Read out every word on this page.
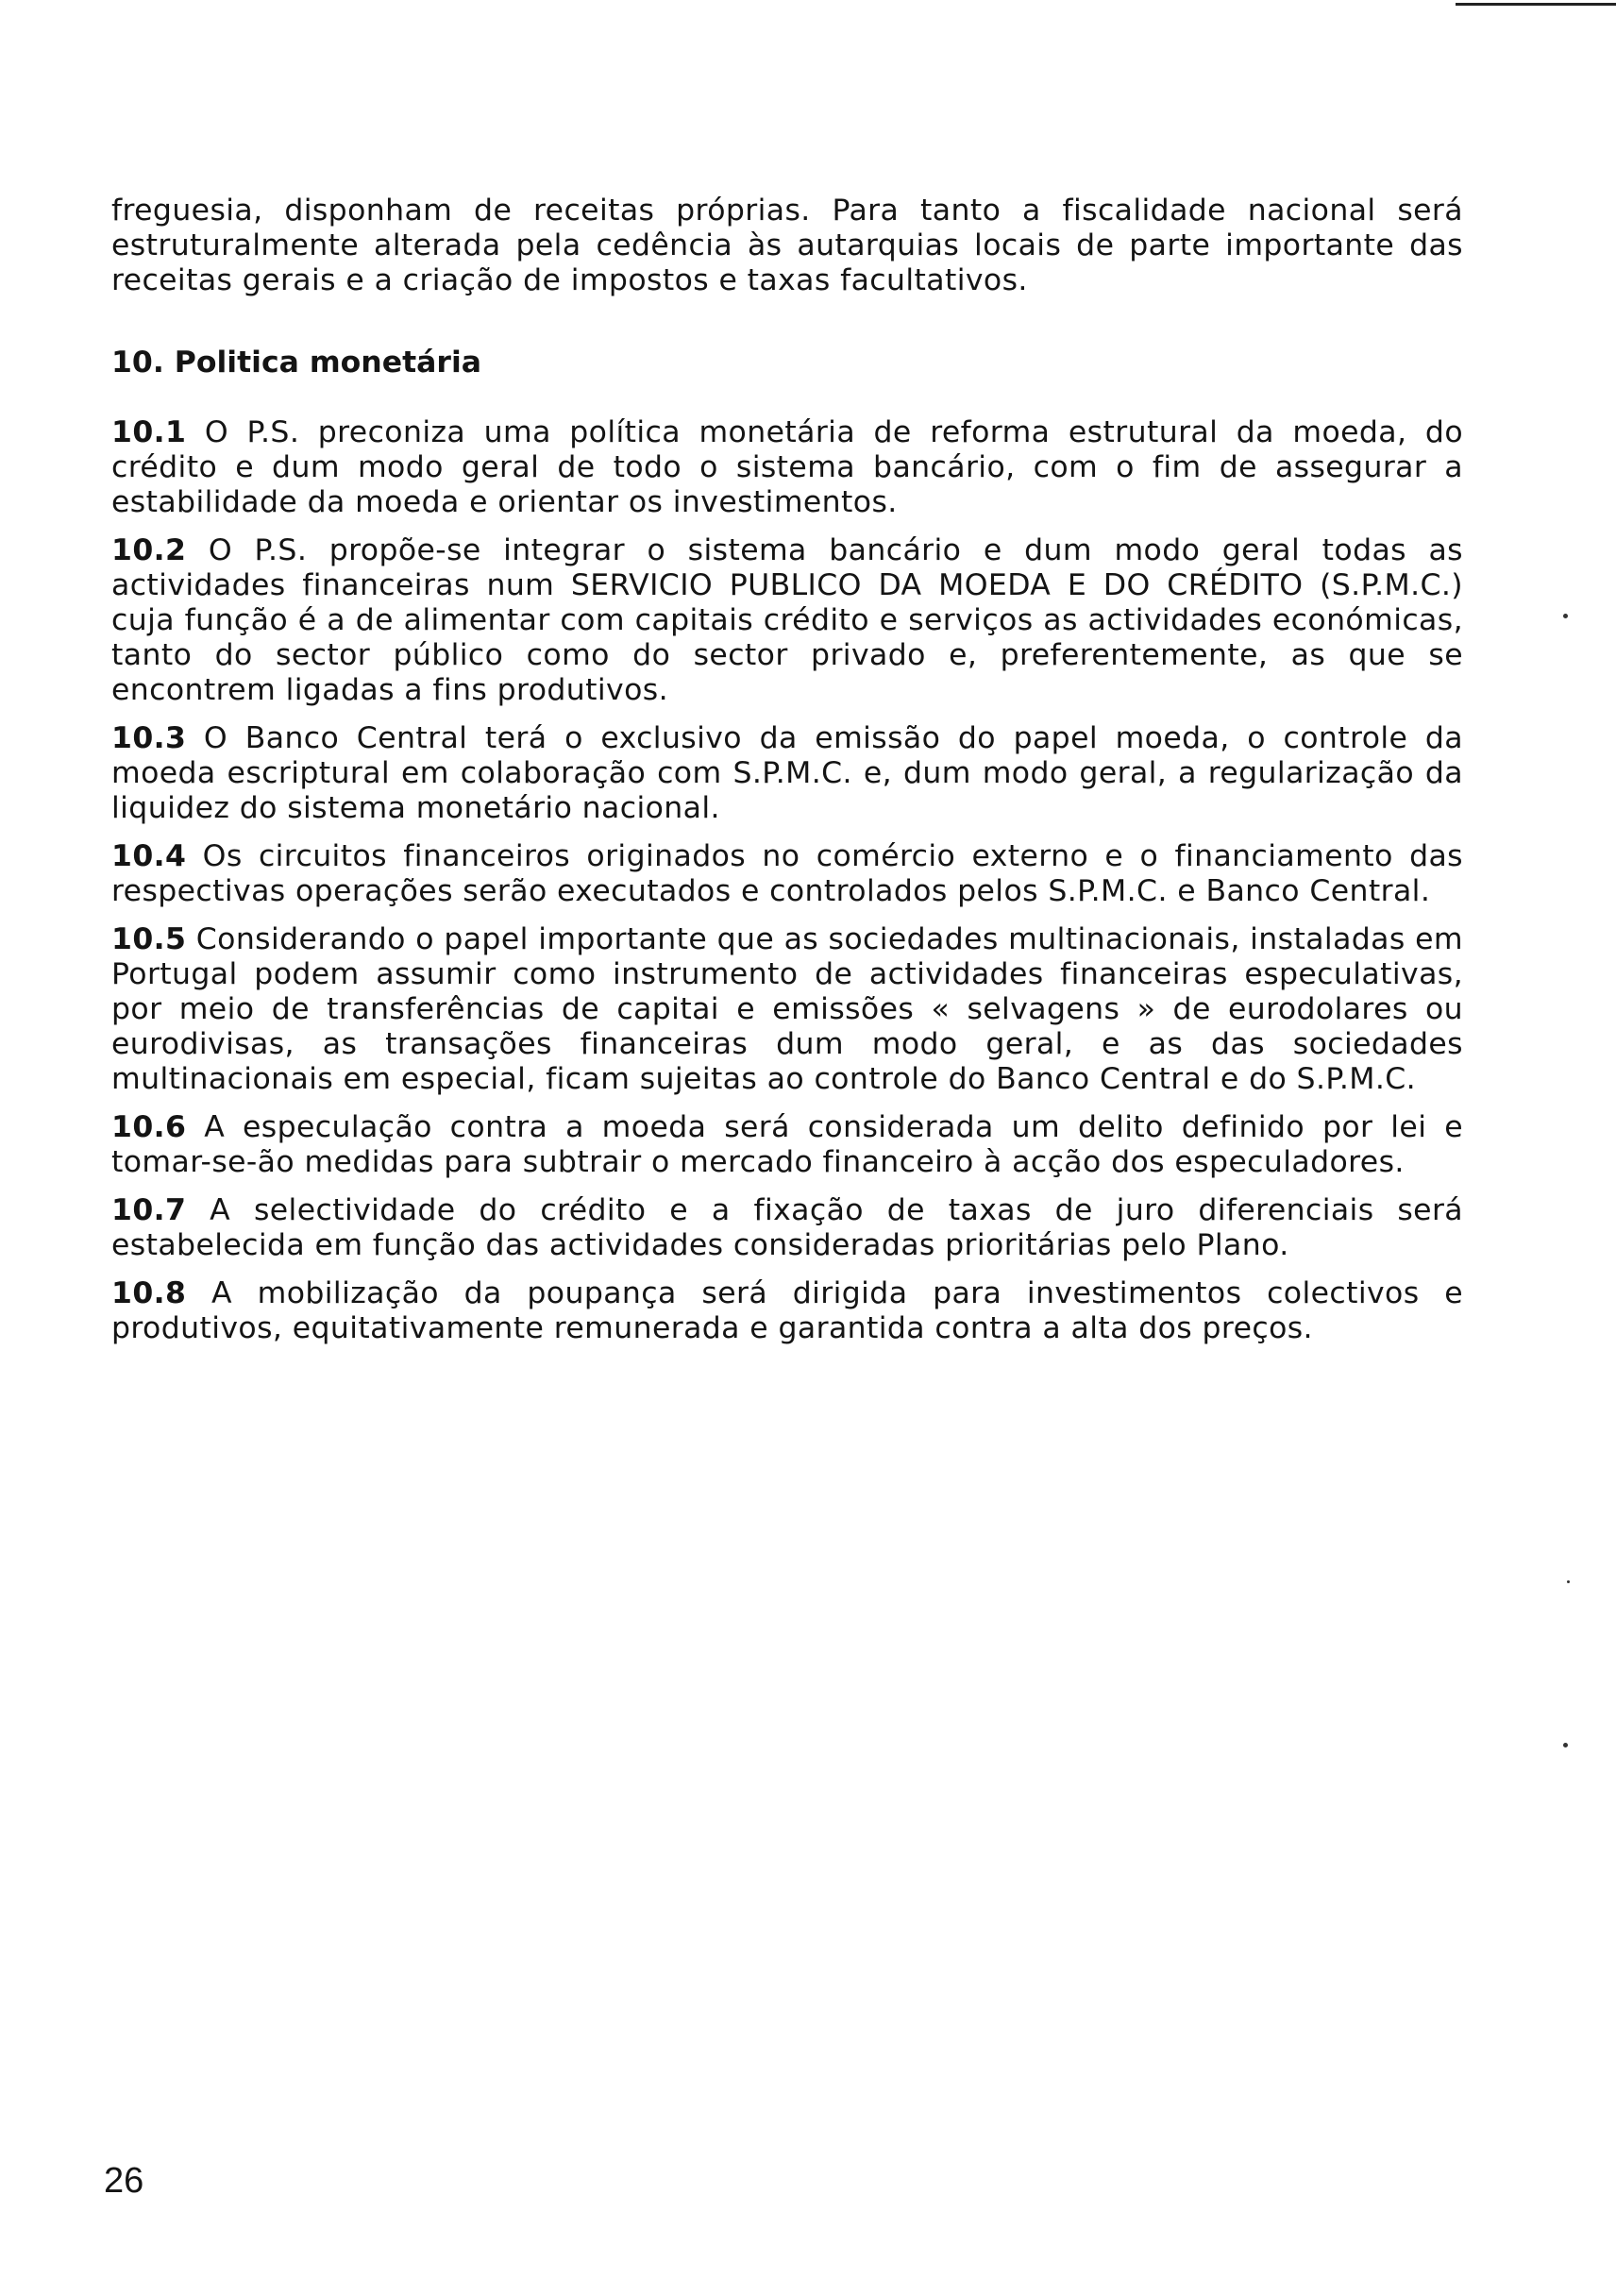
freguesia, disponham de receitas próprias. Para tanto a fiscalidade nacional será estruturalmente alterada pela cedência às autarquias locais de parte importante das receitas gerais e a criação de impostos e taxas facultativos.

10. Politica monetária

10.1 O P.S. preconiza uma política monetária de reforma estrutural da moeda, do crédito e dum modo geral de todo o sistema bancário, com o fim de assegurar a estabilidade da moeda e orientar os investimentos.

10.2 O P.S. propõe-se integrar o sistema bancário e dum modo geral todas as actividades financeiras num SERVICIO PUBLICO DA MOEDA E DO CRÉDITO (S.P.M.C.) cuja função é a de alimentar com capitais crédito e serviços as actividades económicas, tanto do sector público como do sector privado e, preferentemente, as que se encontrem ligadas a fins produtivos.

10.3 O Banco Central terá o exclusivo da emissão do papel moeda, o controle da moeda escriptural em colaboração com S.P.M.C. e, dum modo geral, a regularização da liquidez do sistema monetário nacional.

10.4 Os circuitos financeiros originados no comércio externo e o financiamento das respectivas operações serão executados e controlados pelos S.P.M.C. e Banco Central.

10.5 Considerando o papel importante que as sociedades multinacionais, instaladas em Portugal podem assumir como instrumento de actividades financeiras especulativas, por meio de transferências de capitai e emissões « selvagens » de eurodolares ou eurodivisas, as transações financeiras dum modo geral, e as das sociedades multinacionais em especial, ficam sujeitas ao controle do Banco Central e do S.P.M.C.

10.6 A especulação contra a moeda será considerada um delito definido por lei e tomar-se-ão medidas para subtrair o mercado financeiro à acção dos especuladores.

10.7 A selectividade do crédito e a fixação de taxas de juro diferenciais será estabelecida em função das actividades consideradas prioritárias pelo Plano.

10.8 A mobilização da poupança será dirigida para investimentos colectivos e produtivos, equitativamente remunerada e garantida contra a alta dos preços.

26
